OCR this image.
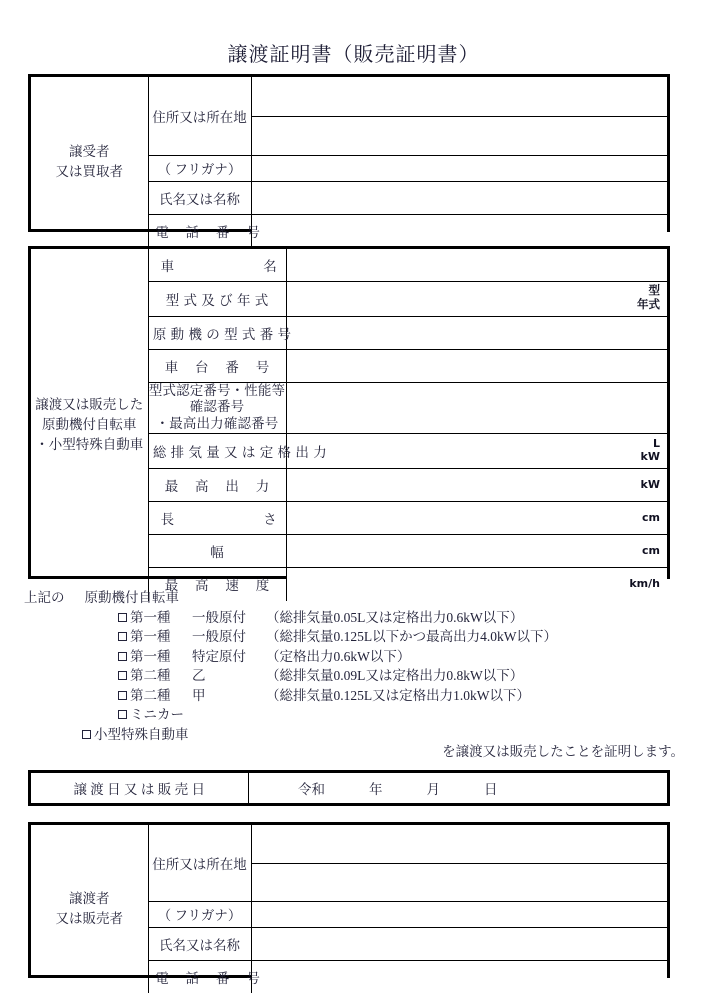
譲渡証明書（販売証明書）
譲受者
又は買取者	住所又は所在地	

	（ フリガナ）	
	氏名又は名称	
	電 話 番 号	
譲渡又は販売した
原動機付自転車
・小型特殊自動車	車　　　名	
	型式及び年式	型
年式

	原動機の型式番号	
	車 台 番 号	
	型式認定番号・性能等確認番号
・最高出力確認番号	
	総排気量又は定格出力	L
kW

	最 高 出 力	kW

	長　　　さ	cm

	幅	cm

	最 高 速 度	km/h
上記の 原動機付自転車
第一種 一般原付 （総排気量0.05L又は定格出力0.6kW以下）
第一種 一般原付 （総排気量0.125L以下かつ最高出力4.0kW以下）
第一種 特定原付 （定格出力0.6kW以下）
第二種 乙	（総排気量0.09L又は定格出力0.8kW以下）
第二種 甲	（総排気量0.125L又は定格出力1.0kW以下）
ミニカー
小型特殊自動車
を譲渡又は販売したことを証明します。
譲 渡 日 又 は 販 売 日	令和	年	月	日
譲渡者
又は販売者	住所又は所在地	

	（ フリガナ）	
	氏名又は名称	
	電 話 番 号	
